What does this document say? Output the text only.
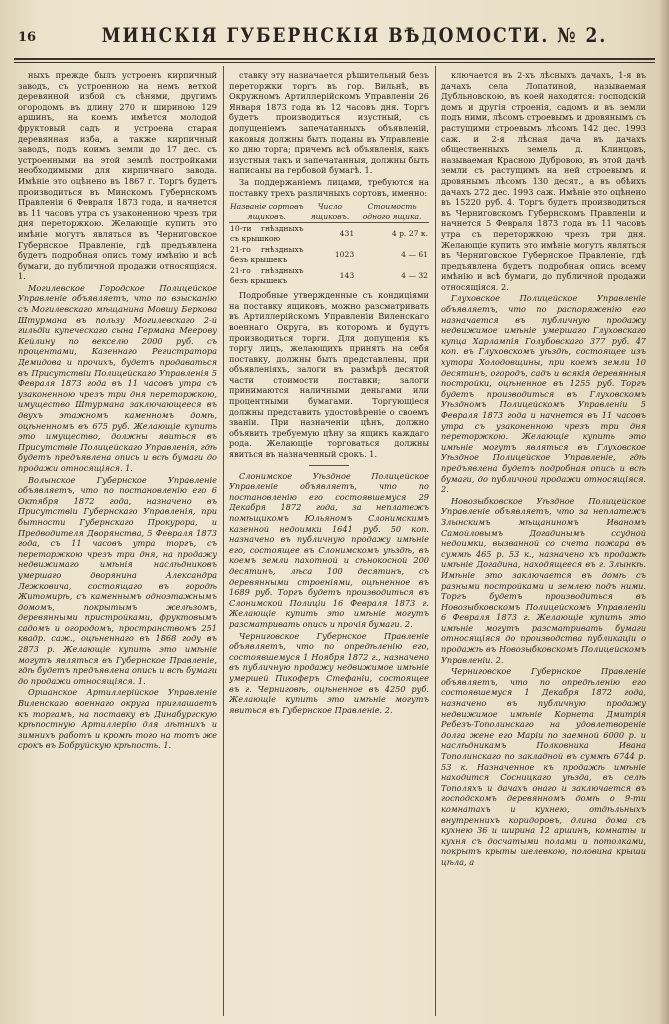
16	МИНСКІЯ ГУБЕРНСКІЯ ВѢДОМОСТИ. № 2.

ныхъ прежде былъ устроенъ кирпичный заводъ, съ устроенною на немъ ветхой деревянной избой съ сѣнями, другимъ огородомъ въ длину 270 и шириною 129 аршинъ, на коемъ имѣется молодой фруктовый садъ и устроена старая деревянная изба, а также кирпичный заводъ, подъ коимъ земли до 17 дес. съ устроенными на этой землѣ постройками необходимыми для кирпичнаго завода. Имѣніе это оцѣнено въ 1867 г. Торгъ будетъ производиться въ Минскомъ Губернскомъ Правленіи 6 Февраля 1873 года, и начнется въ 11 часовъ утра съ узаконенною чрезъ три дня переторжкою. Желающіе купить это имѣніе могутъ являться въ Черниговское Губернское Правленіе, гдѣ предъявлена будетъ подробная опись тому имѣнію и всѣ бумаги, до публичной продажи относящіяся. 1.

Могилевское Городское Полицейское Управленіе объявляетъ, что по взысканію съ Могилевскаго мѣщанина Мовшу Беркова Штурмана въ пользу Могилевскаго 2-й гильдіи купеческаго сына Германа Меерову Кейлину по векселю 2000 руб. съ процентами, Казеннаго Регистратора Демидова и прочихъ, будетъ продаваться въ Присутствіи Полицейскаго Управленія 5 Февраля 1873 года въ 11 часовъ утра съ узаконенною чрезъ три дня переторжкою, имущество Штурмана заключающееся въ двухъ этажномъ каменномъ домѣ, оцѣненномъ въ 675 руб. Желающіе купить это имущество, должны явиться въ Присутствіе Полицейскаго Управленія, гдѣ будетъ предъявлена опись и всѣ бумаги до продажи относящіяся. 1.

Волынское Губернское Управленіе объявляетъ, что по постановленію его 6 Октября 1872 года, назначено въ Присутствіи Губернскаго Управленія, при бытности Губернскаго Прокурора, и Предводителя Дворянства, 5 Февраля 1873 года, съ 11 часовъ утра торгъ, съ переторжкою чрезъ три дня, на продажу недвижимаго имѣнія наслѣдниковъ умершаго дворянина Александра Лежковича, состоящаго въ городѣ Житомирѣ, съ каменнымъ одноэтажнымъ домомъ, покрытымъ желѣзомъ, деревянными пристройками, фруктовымъ садомъ и огородомъ, пространствомъ 251 квадр. саж., оцѣненнаго въ 1868 году въ 2873 р. Желающіе купить это имѣніе могутъ являться въ Губернское Правленіе, гдѣ будетъ предъявлена опись и всѣ бумаги до продажи относящіяся. 1.

Оршанское Артиллерійское Управленіе Виленскаго военнаго округа приглашаетъ къ торгамъ, на поставку въ Динабургскую крѣпостную Артиллерію для лѣтнихъ и зимнихъ работъ и кромѣ того на тотъ же срокъ въ Бобруйскую крѣпость. 1.

ставку эту назначается рѣшительный безъ переторжки торгъ въ гор. Вильнѣ, въ Окружномъ Артиллерійскомъ Управленіи 26 Января 1873 года въ 12 часовъ дня. Торгъ будетъ производиться изустный, съ допущеніемъ запечатанныхъ объявленій, каковыя должны быть поданы въ Управленіе ко дню торга; причемъ всѣ объявленія, какъ изустныя такъ и запечатанныя, должны быть написаны на гербовой бумагѣ. 1.

За поддержаніемъ лицами, требуются на поставку трехъ различныхъ сортовъ, именно:

Названіе сортовъ ящиковъ.	Число ящиковъ.	Стоимость одного ящика.
10-ти гнѣздныхъ съ крышкою	431	4 р. 27 к.
21-го гнѣздныхъ безъ крышекъ	1023	4 — 61
21-го гнѣздныхъ безъ крышекъ	143	4 — 32

Подробные утвержденные съ кондиціями на поставку ящиковъ, можно разсматривать въ Артиллерійскомъ Управленіи Виленскаго военнаго Округа, въ которомъ и будутъ производиться торги. Для допущенія къ торгу лицъ, желающихъ принять на себя поставку, должны быть представлены, при объявленіяхъ, залоги въ размѣрѣ десятой части стоимости поставки; залоги принимаются наличными деньгами или процентными бумагами. Торгующіеся должны представить удостовѣреніе о своемъ званіи. При назначеніи цѣнъ, должно объявить требуемую цѣну за ящикъ каждаго рода. Желающіе торговаться должны явиться въ назначенный срокъ. 1.

Слонимское Уѣздное Полицейское Управленіе объявляетъ, что по постановленію его состоявшемуся 29 Декабря 1872 года, за неплатежъ помѣщикомъ Юльяномъ Слонимскимъ казенной недоимки 1641 руб. 50 коп. назначено въ публичную продажу имѣніе его, состоящее въ Слонимскомъ уѣздѣ, въ коемъ земли пахотной и сѣнокосной 200 десятинъ, лѣса 100 десятинъ, съ деревянными строеніями, оцѣненное въ 1689 руб. Торгъ будетъ производиться въ Слонимской Полиціи 16 Февраля 1873 г. Желающіе купить это имѣніе могутъ разсматривать опись и прочія бумаги. 2.

Черниговское Губернское Правленіе объявляетъ, что по опредѣленію его, состоявшемуся 1 Ноября 1872 г., назначено въ публичную продажу недвижимое имѣніе умершей Пикоферъ Стефаніи, состоящее въ г. Черниговѣ, оцѣненное въ 4250 руб. Желающіе купить это имѣніе могутъ явиться въ Губернское Правленіе. 2.

ключается въ 2-хъ лѣсныхъ дачахъ, 1-я въ дачахъ села Лопатиной, называемая Дубльновскою, въ коей находятся: господскій домъ и другія строенія, садомъ и въ земли подъ ними, лѣсомъ строевымъ и дровянымъ съ растущими строевымъ лѣсомъ 142 дес. 1993 саж. и 2-я лѣсная дача въ дачахъ общественныхъ земель д. Клинцовъ, называемая Красною Дубровою, въ этой дачѣ земли съ растущимъ на ней строевымъ и дровянымъ лѣсомъ 130 десят., а въ обѣихъ дачахъ 272 дес. 1993 саж. Имѣніе это оцѣнено въ 15220 руб. 4. Торгъ будетъ производиться въ Черниговскомъ Губернскомъ Правленіи и начнется 5 Февраля 1873 года въ 11 часовъ утра съ переторжкою чрезъ три дня. Желающіе купить это имѣніе могутъ являться въ Черниговское Губернское Правленіе, гдѣ предъявлена будетъ подробная опись всему имѣнію и всѣ бумаги, до публичной продажи относящіяся. 2.

Глуховское Полицейское Управленіе объявляетъ, что по распоряженію его назначается въ публичную продажу недвижимое имѣніе умершаго Глуховскаго купца Харлампія Голубовскаго 377 руб. 47 коп. въ Глуховскомъ уѣздѣ, состоящее изъ хутора Холодовщины, при коемъ земли 10 десятинъ, огородъ, садъ и всякія деревянныя постройки, оцѣненное въ 1255 руб. Торгъ будетъ производиться въ Глуховскомъ Уѣздномъ Полицейскомъ Управленіи 5 Февраля 1873 года и начнется въ 11 часовъ утра съ узаконенною чрезъ три дня переторжкою. Желающіе купить это имѣніе могутъ являться въ Глуховское Уѣздное Полицейское Управленіе, гдѣ предъявлена будетъ подробная опись и всѣ бумаги, до публичной продажи относящіяся. 2.

Новозыбковское Уѣздное Полицейское Управленіе объявляетъ, что за неплатежъ Злынскимъ мѣщаниномъ Иваномъ Самойловымъ Догадинымъ ссудной недоимки, вызванной со счета пожара въ суммѣ 465 р. 53 к., назначено къ продажѣ имѣніе Догадина, находящееся въ г. Злынкѣ. Имѣніе это заключается въ домѣ съ разными постройками и землею подъ ними. Торгъ будетъ производиться въ Новозыбковскомъ Полицейскомъ Управленіи 6 Февраля 1873 г. Желающіе купить это имѣніе могутъ разсматривать бумаги относящіяся до производства публикаціи о продажѣ въ Новозыбковскомъ Полицейскомъ Управленіи. 2.

Черниговское Губернское Правленіе объявляетъ, что по опредѣленію его состоявшемуся 1 Декабря 1872 года, назначено въ публичную продажу недвижимое имѣніе Корнета Дмитрія Ребезъ-Тополинскаго на удовлетвореніе долга жене его Маріи по заемной 6000 р. и наслѣдникамъ Полковника Ивана Тополинскаго по закладной въ суммѣ 6744 р. 53 к. Назначенное къ продажѣ имѣніе находится Сосницкаго уѣзда, въ селѣ Тополяхъ и дачахъ онаго и заключается въ господскомъ деревянномъ домѣ о 9-ти комнатахъ и кухнею, отдѣльныхъ внутреннихъ коридоровъ, длина дома съ кухнею 36 и ширина 12 аршинъ, комнаты и кухня съ досчатыми полами и потолками, покрытъ крыты шелевкою, половина крыши цѣла, а
